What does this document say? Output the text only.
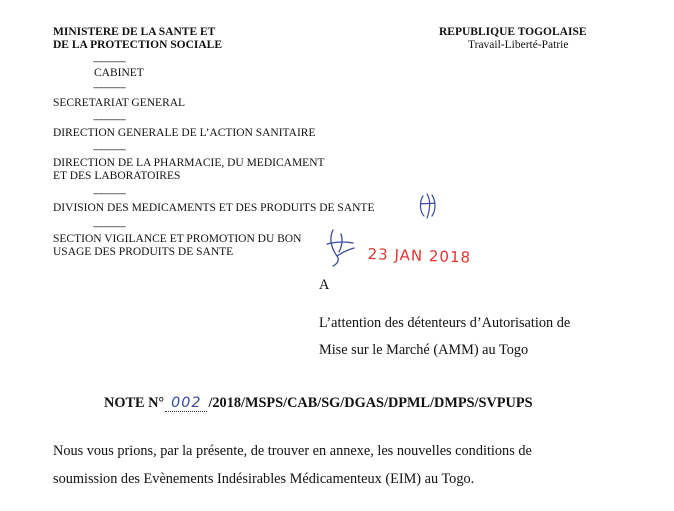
MINISTERE DE LA SANTE ET
DE LA PROTECTION SOCIALE
REPUBLIQUE TOGOLAISE
Travail-Liberté-Patrie
-------------
CABINET
-------------
SECRETARIAT GENERAL
-------------
DIRECTION GENERALE DE L’ACTION SANITAIRE
-------------
DIRECTION DE LA PHARMACIE, DU MEDICAMENT
ET DES LABORATOIRES
-------------
DIVISION DES MEDICAMENTS ET DES PRODUITS DE SANTE
-------------
SECTION VIGILANCE ET PROMOTION DU BON
USAGE DES PRODUITS DE SANTE	23 JAN 2018
A
L’attention des détenteurs d’Autorisation de
Mise sur le Marché (AMM) au Togo
NOTE N° 002 /2018/MSPS/CAB/SG/DGAS/DPML/DMPS/SVPUPS
Nous vous prions, par la présente, de trouver en annexe, les nouvelles conditions de
soumission des Evènements Indésirables Médicamenteux (EIM) au Togo.
